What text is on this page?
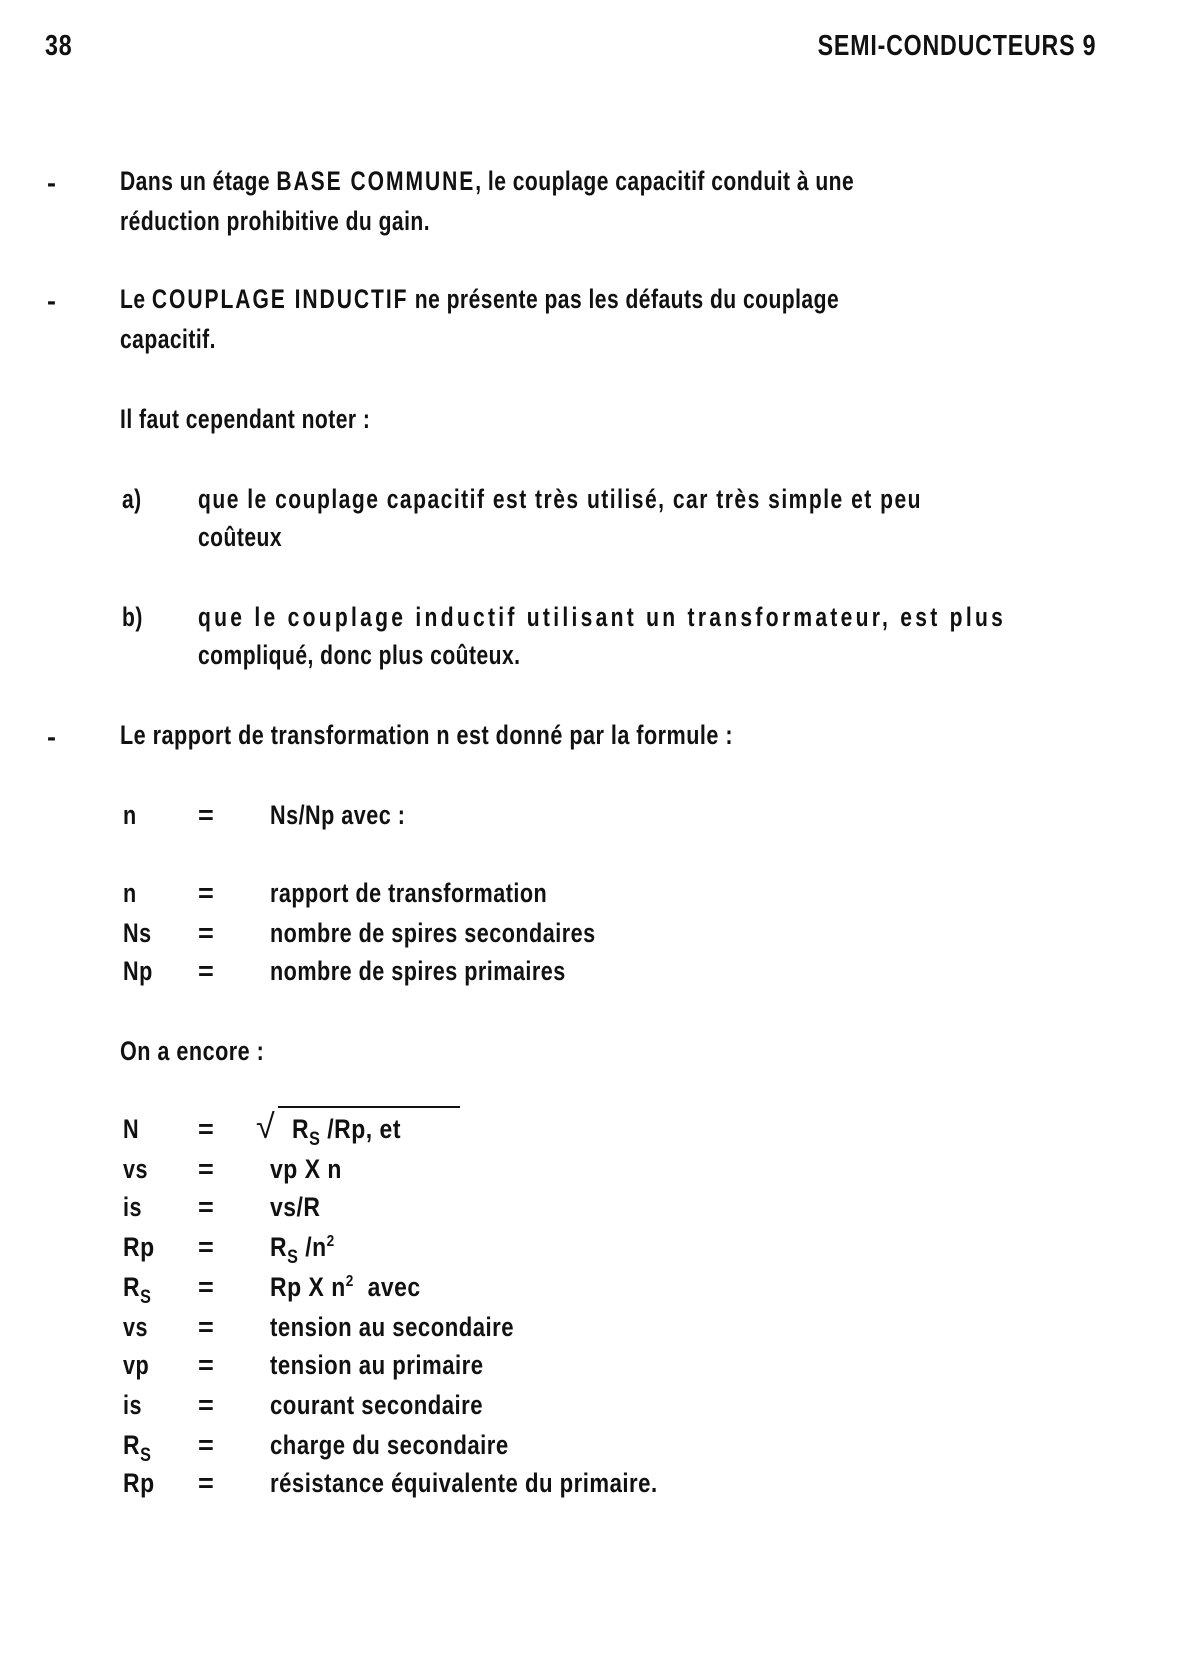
38	SEMI-CONDUCTEURS 9
- Dans un étage BASE COMMUNE, le couplage capacitif conduit à une
réduction prohibitive du gain.
- Le COUPLAGE INDUCTIF ne présente pas les défauts du couplage
capacitif.
Il faut cependant noter :
a) que le couplage capacitif est très utilisé, car très simple et peu
coûteux
b) que le couplage inductif utilisant un transformateur, est plus
compliqué, donc plus coûteux.
- Le rapport de transformation n est donné par la formule :
n = Ns/Np avec :
n = rapport de transformation
Ns = nombre de spires secondaires
Np = nombre de spires primaires
On a encore :
N = √ $R_S$ /Rp, et
vs = vp X n
is = vs/R
$Rp = R_S$ $/n^2$
$R_S = Rp$ X $n^2$  avec
vs = tension au secondaire
vp = tension au primaire
is = courant secondaire
$R_S$ = charge du secondaire
Rp = résistance équivalente du primaire.
